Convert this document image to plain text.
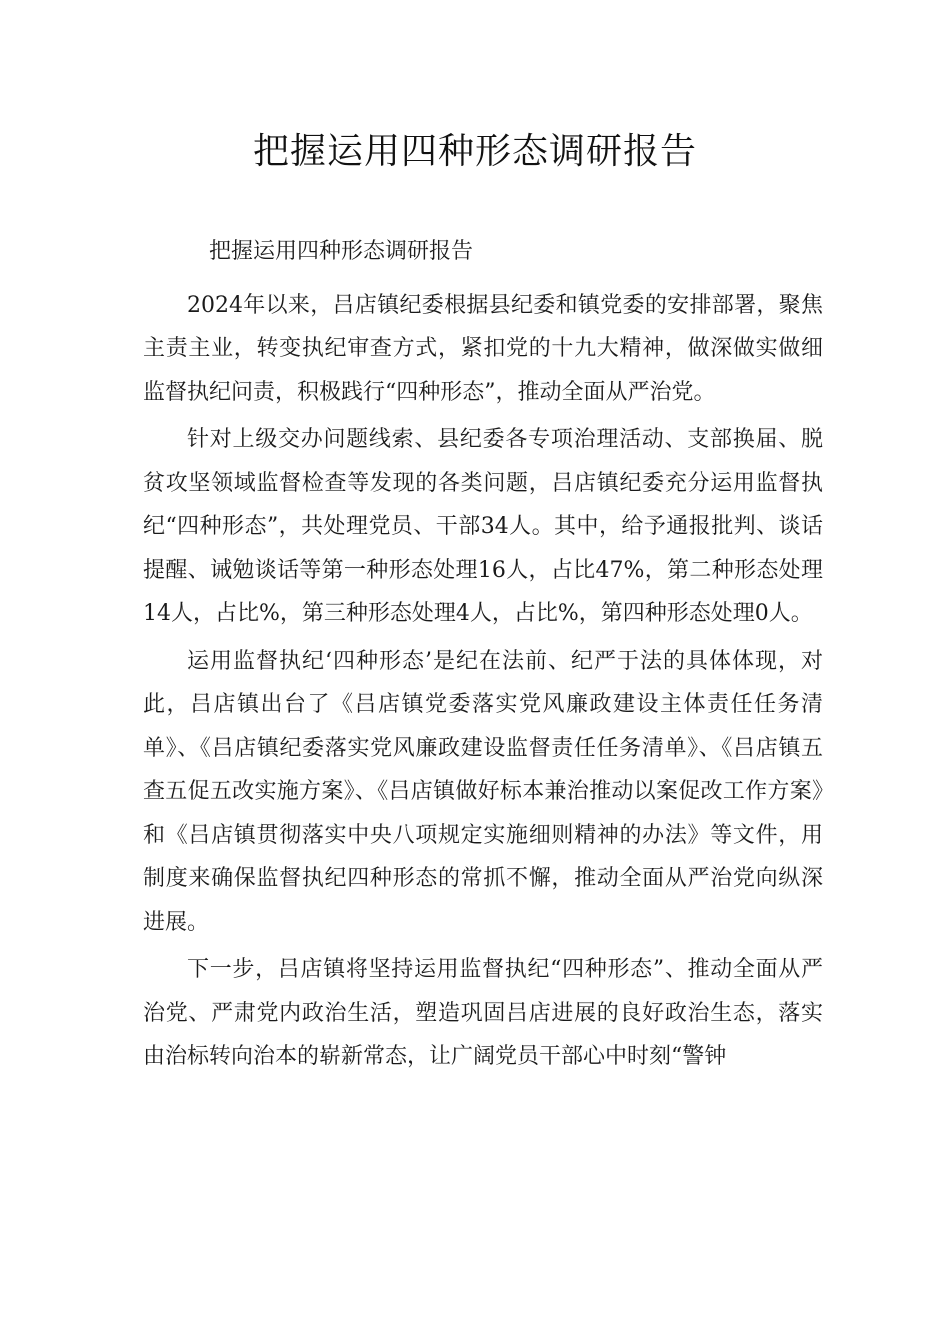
把握运用四种形态调研报告

把握运用四种形态调研报告

2024年以来，吕店镇纪委根据县纪委和镇党委的安排部署，聚焦主责主业，转变执纪审查方式，紧扣党的十九大精神，做深做实做细监督执纪问责，积极践行“四种形态”，推动全面从严治党。

针对上级交办问题线索、县纪委各专项治理活动、支部换届、脱贫攻坚领域监督检查等发现的各类问题，吕店镇纪委充分运用监督执纪“四种形态”，共处理党员、干部34人。其中，给予通报批判、谈话提醒、诫勉谈话等第一种形态处理16人，占比47%，第二种形态处理14人，占比%，第三种形态处理4人，占比%，第四种形态处理0人。

运用监督执纪‘四种形态’是纪在法前、纪严于法的具体体现，对此，吕店镇出台了《吕店镇党委落实党风廉政建设主体责任任务清单》、《吕店镇纪委落实党风廉政建设监督责任任务清单》、《吕店镇五查五促五改实施方案》、《吕店镇做好标本兼治推动以案促改工作方案》和《吕店镇贯彻落实中央八项规定实施细则精神的办法》等文件，用制度来确保监督执纪四种形态的常抓不懈，推动全面从严治党向纵深进展。

下一步，吕店镇将坚持运用监督执纪“四种形态”、推动全面从严治党、严肃党内政治生活，塑造巩固吕店进展的良好政治生态，落实由治标转向治本的崭新常态，让广阔党员干部心中时刻“警钟
